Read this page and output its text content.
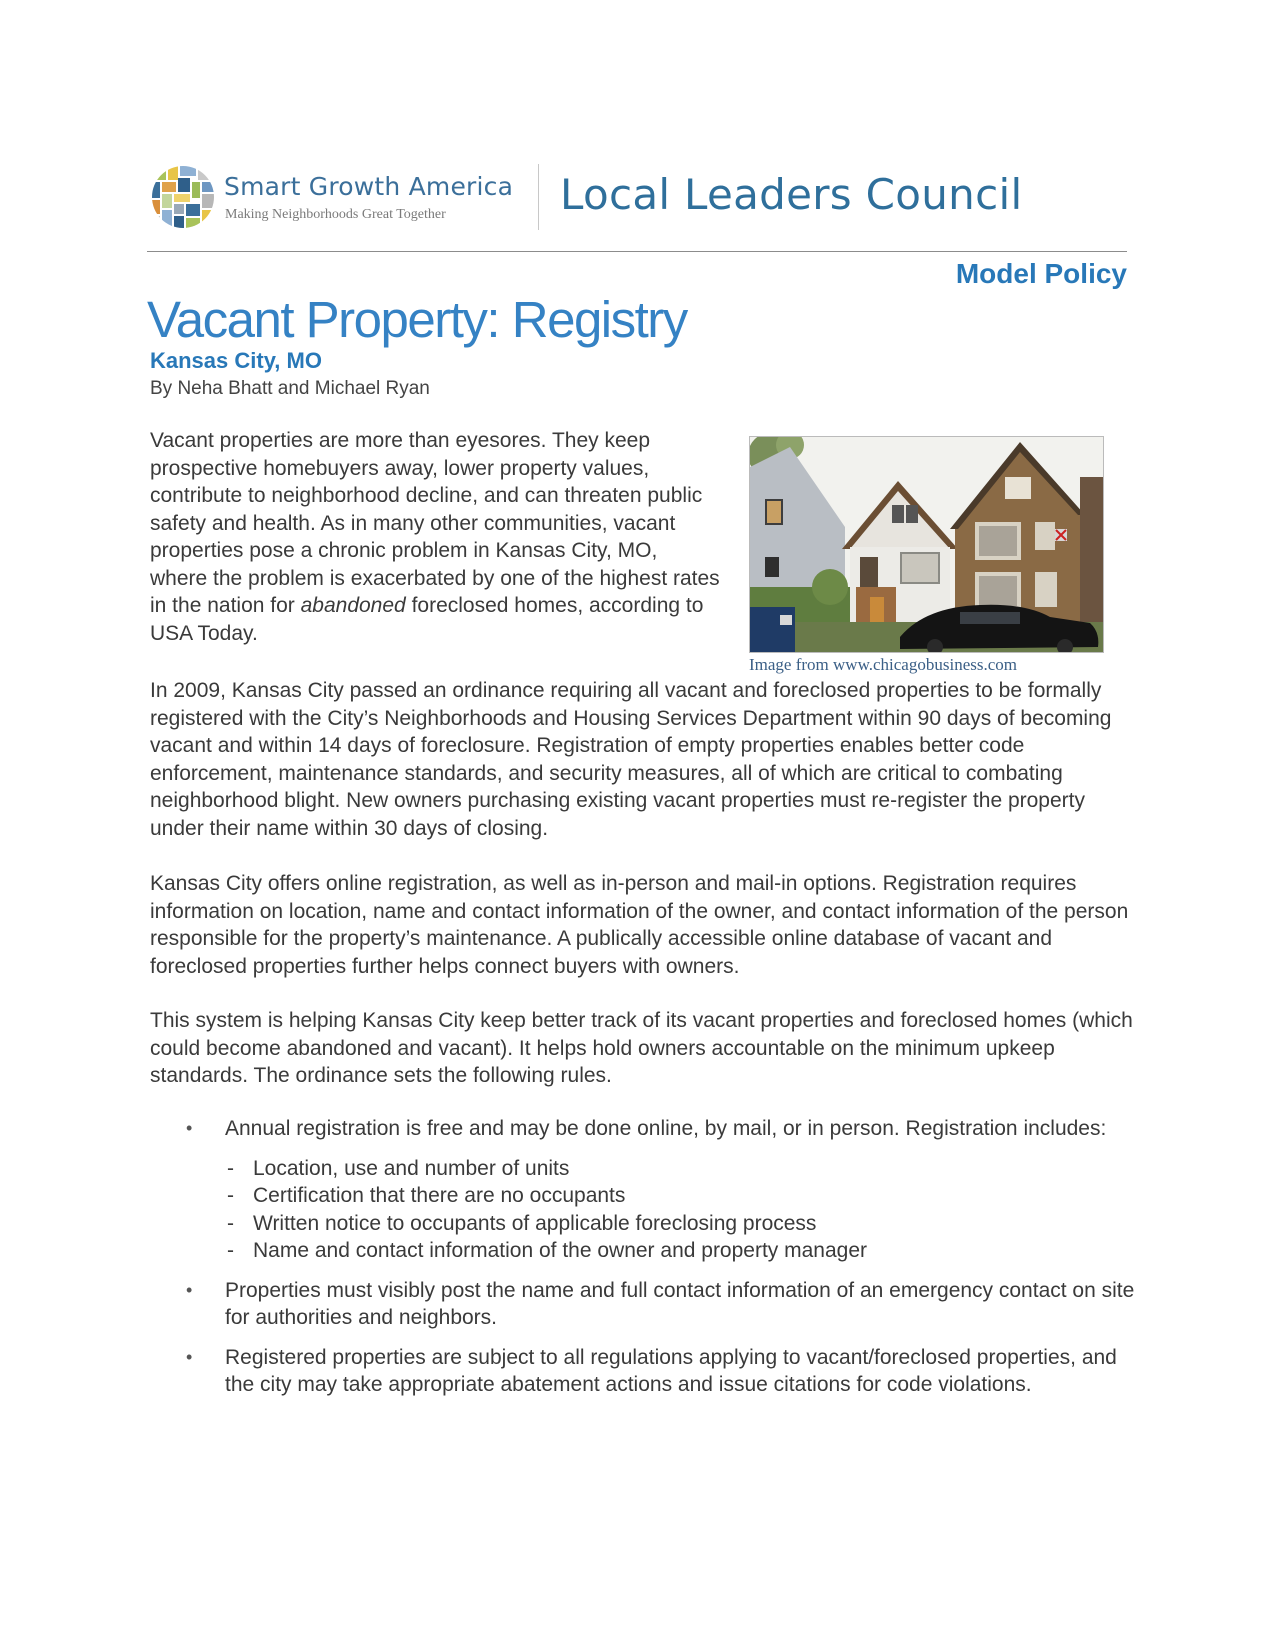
Smart Growth America
Making Neighborhoods Great Together	Local Leaders Council
Model Policy
Vacant Property: Registry
Kansas City, MO
By Neha Bhatt and Michael Ryan

Vacant properties are more than eyesores. They keep prospective homebuyers away, lower property values, contribute to neighborhood decline, and can threaten public safety and health. As in many other communities, vacant properties pose a chronic problem in Kansas City, MO, where the problem is exacerbated by one of the highest rates in the nation for abandoned foreclosed homes, according to USA Today.

Image from www.chicagobusiness.com

In 2009, Kansas City passed an ordinance requiring all vacant and foreclosed properties to be formally registered with the City’s Neighborhoods and Housing Services Department within 90 days of becoming vacant and within 14 days of foreclosure. Registration of empty properties enables better code enforcement, maintenance standards, and security measures, all of which are critical to combating neighborhood blight. New owners purchasing existing vacant properties must re-register the property under their name within 30 days of closing.

Kansas City offers online registration, as well as in-person and mail-in options. Registration requires information on location, name and contact information of the owner, and contact information of the person responsible for the property’s maintenance. A publically accessible online database of vacant and foreclosed properties further helps connect buyers with owners.

This system is helping Kansas City keep better track of its vacant properties and foreclosed homes (which could become abandoned and vacant). It helps hold owners accountable on the minimum upkeep standards. The ordinance sets the following rules.

• Annual registration is free and may be done online, by mail, or in person. Registration includes:
- Location, use and number of units
- Certification that there are no occupants
- Written notice to occupants of applicable foreclosing process
- Name and contact information of the owner and property manager
• Properties must visibly post the name and full contact information of an emergency contact on site for authorities and neighbors.
• Registered properties are subject to all regulations applying to vacant/foreclosed properties, and the city may take appropriate abatement actions and issue citations for code violations.
